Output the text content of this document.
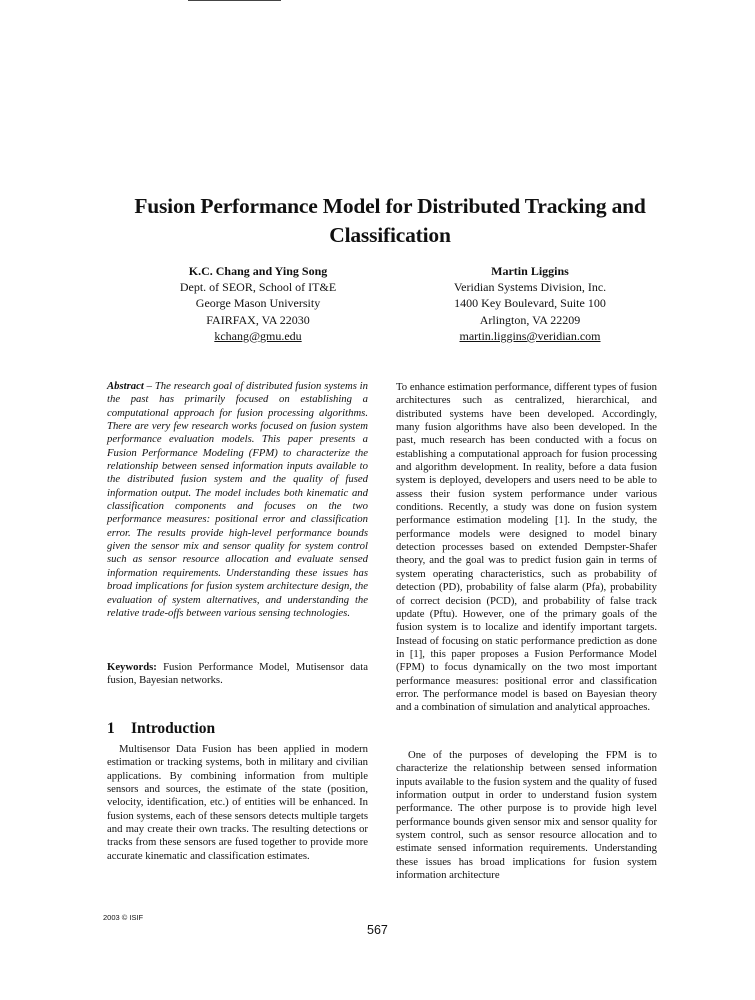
Fusion Performance Model for Distributed Tracking and Classification
K.C. Chang and Ying Song
Dept. of SEOR, School of IT&E
George Mason University
FAIRFAX, VA 22030
kchang@gmu.edu
Martin Liggins
Veridian Systems Division, Inc.
1400 Key Boulevard, Suite 100
Arlington, VA 22209
martin.liggins@veridian.com
Abstract – The research goal of distributed fusion systems in the past has primarily focused on establishing a computational approach for fusion processing algorithms. There are very few research works focused on fusion system performance evaluation models. This paper presents a Fusion Performance Modeling (FPM) to characterize the relationship between sensed information inputs available to the distributed fusion system and the quality of fused information output. The model includes both kinematic and classification components and focuses on the two performance measures: positional error and classification error. The results provide high-level performance bounds given the sensor mix and sensor quality for system control such as sensor resource allocation and evaluate sensed information requirements. Understanding these issues has broad implications for fusion system architecture design, the evaluation of system alternatives, and understanding the relative trade-offs between various sensing technologies.
Keywords: Fusion Performance Model, Mutisensor data fusion, Bayesian networks.
1 Introduction

Multisensor Data Fusion has been applied in modern estimation or tracking systems, both in military and civilian applications. By combining information from multiple sensors and sources, the estimate of the state (position, velocity, identification, etc.) of entities will be enhanced. In fusion systems, each of these sensors detects multiple targets and may create their own tracks. The resulting detections or tracks from these sensors are fused together to provide more accurate kinematic and classification estimates.

To enhance estimation performance, different types of fusion architectures such as centralized, hierarchical, and distributed systems have been developed. Accordingly, many fusion algorithms have also been developed. In the past, much research has been conducted with a focus on establishing a computational approach for fusion processing and algorithm development. In reality, before a data fusion system is deployed, developers and users need to be able to assess their fusion system performance under various conditions. Recently, a study was done on fusion system performance estimation modeling [1]. In the study, the performance models were designed to model binary detection processes based on extended Dempster-Shafer theory, and the goal was to predict fusion gain in terms of system operating characteristics, such as probability of detection (PD), probability of false alarm (Pfa), probability of correct decision (PCD), and probability of false track update (Pftu). However, one of the primary goals of the fusion system is to localize and identify important targets. Instead of focusing on static performance prediction as done in [1], this paper proposes a Fusion Performance Model (FPM) to focus dynamically on the two most important performance measures: positional error and classification error. The performance model is based on Bayesian theory and a combination of simulation and analytical approaches.

One of the purposes of developing the FPM is to characterize the relationship between sensed information inputs available to the fusion system and the quality of fused information output in order to understand fusion system performance. The other purpose is to provide high level performance bounds given sensor mix and sensor quality for system control, such as sensor resource allocation and to estimate sensed information requirements. Understanding these issues has broad implications for fusion system information architecture

2003 © ISIF
567
